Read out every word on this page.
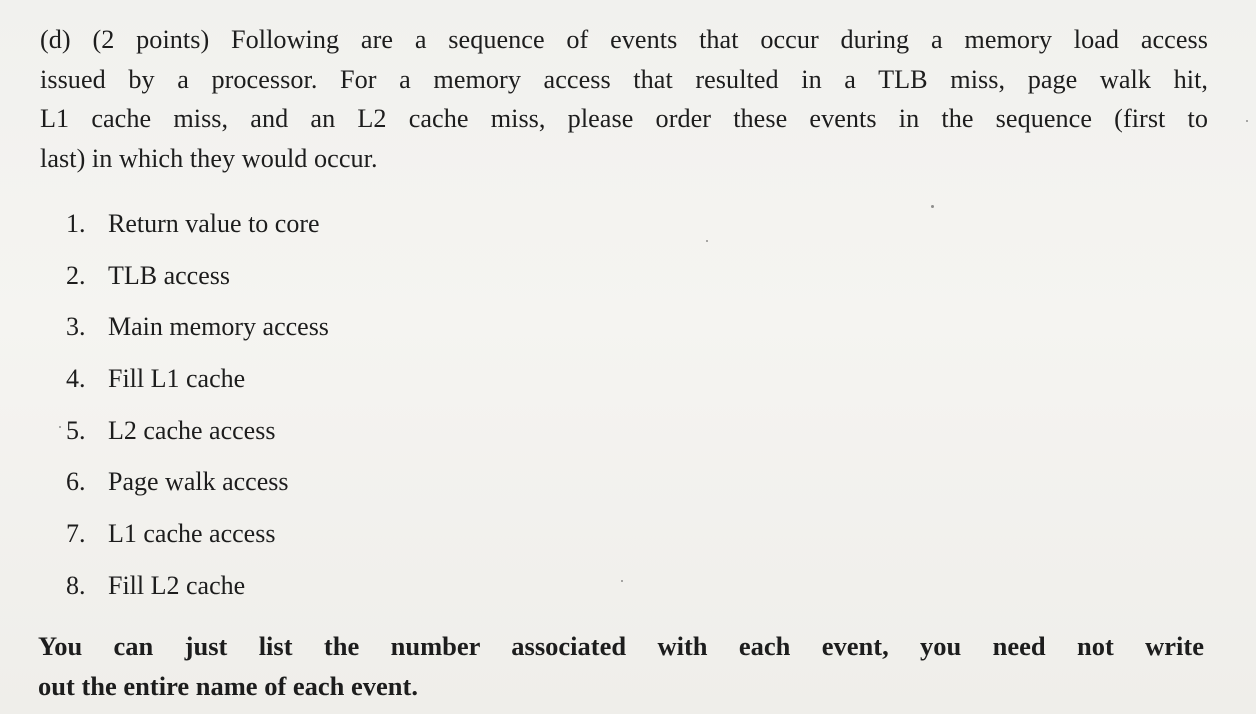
(d) (2 points) Following are a sequence of events that occur during a memory load access
issued by a processor. For a memory access that resulted in a TLB miss, page walk hit,
L1 cache miss, and an L2 cache miss, please order these events in the sequence (first to
last) in which they would occur.
1. Return value to core
2. TLB access
3. Main memory access
4. Fill L1 cache
5. L2 cache access
6. Page walk access
7. L1 cache access
8. Fill L2 cache
You can just list the number associated with each event, you need not write
out the entire name of each event.
